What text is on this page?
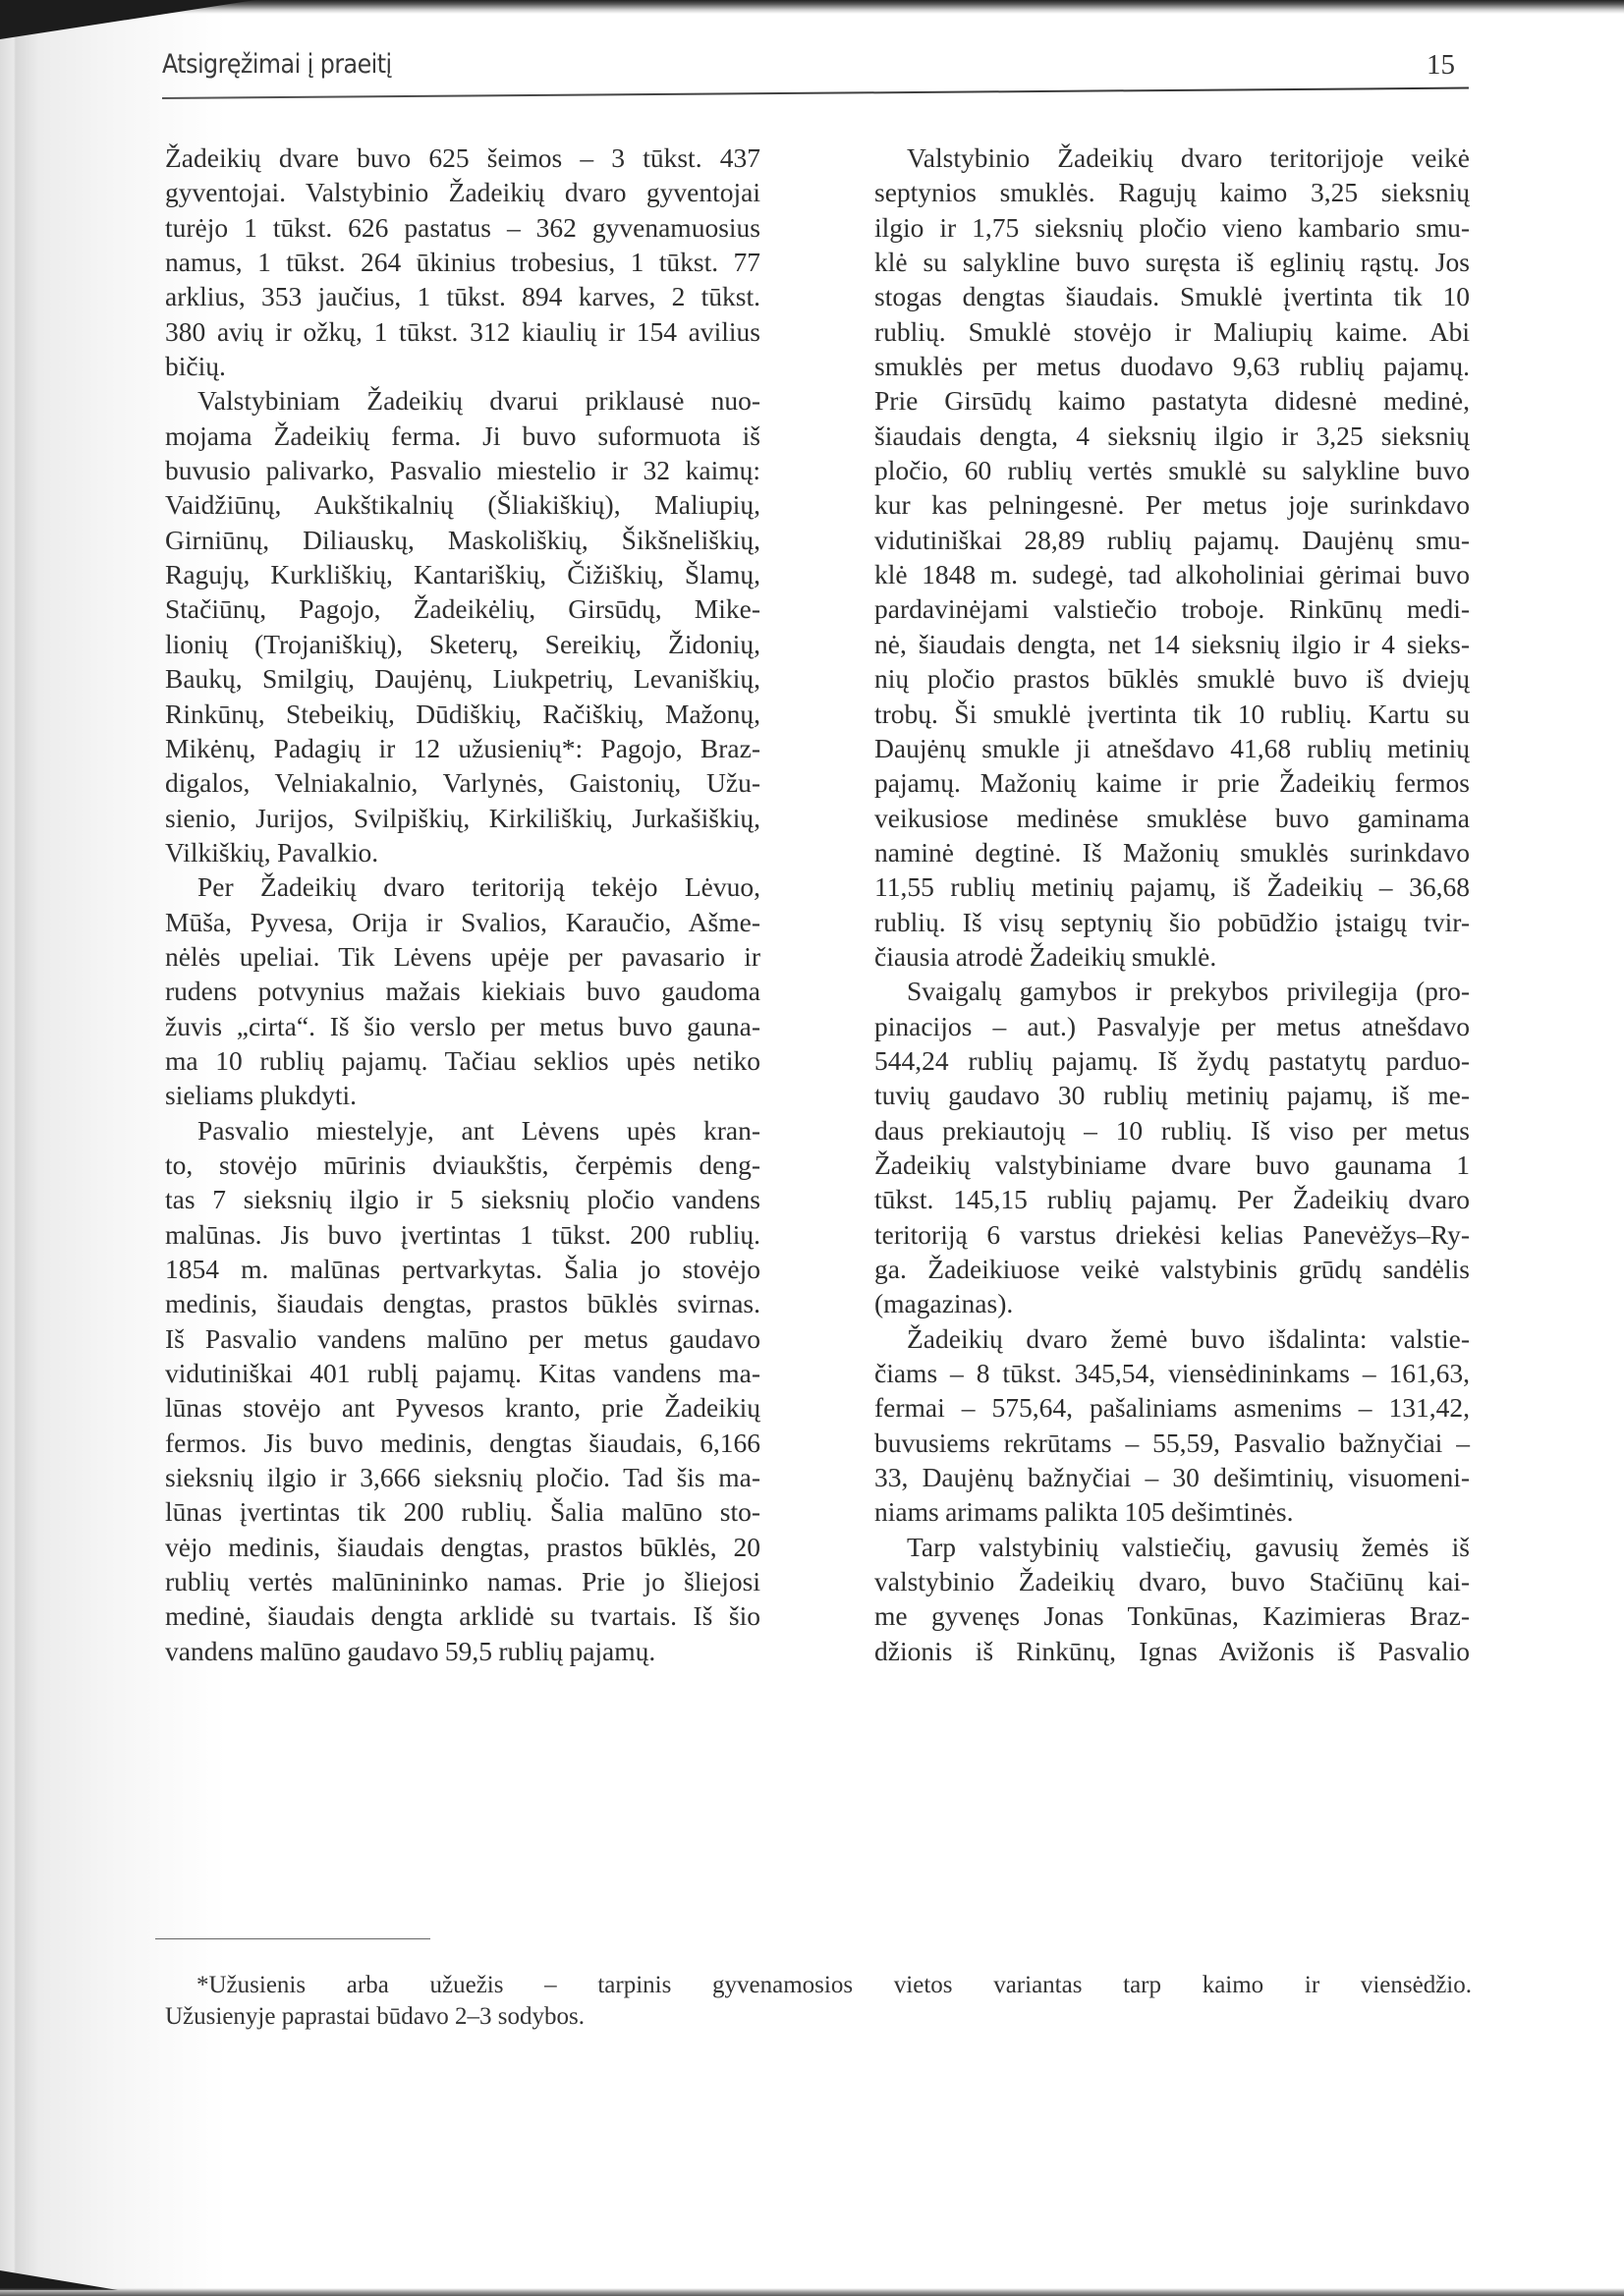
Atsigręžimai į praeitį	15
Žadeikių dvare buvo 625 šeimos – 3 tūkst. 437
gyventojai. Valstybinio Žadeikių dvaro gyventojai
turėjo 1 tūkst. 626 pastatus – 362 gyvenamuosius
namus, 1 tūkst. 264 ūkinius trobesius, 1 tūkst. 77
arklius, 353 jaučius, 1 tūkst. 894 karves, 2 tūkst.
380 avių ir ožkų, 1 tūkst. 312 kiaulių ir 154 avilius
bičių.
Valstybiniam Žadeikių dvarui priklausė nuo-
mojama Žadeikių ferma. Ji buvo suformuota iš
buvusio palivarko, Pasvalio miestelio ir 32 kaimų:
Vaidžiūnų, Aukštikalnių (Šliakiškių), Maliupių,
Girniūnų, Diliauskų, Maskoliškių, Šikšneliškių,
Ragujų, Kurkliškių, Kantariškių, Čižiškių, Šlamų,
Stačiūnų, Pagojo, Žadeikėlių, Girsūdų, Mike-
lionių (Trojaniškių), Sketerų, Sereikių, Židonių,
Baukų, Smilgių, Daujėnų, Liukpetrių, Levaniškių,
Rinkūnų, Stebeikių, Dūdiškių, Račiškių, Mažonų,
Mikėnų, Padagių ir 12 užusienių*: Pagojo, Braz-
digalos, Velniakalnio, Varlynės, Gaistonių, Užu-
sienio, Jurijos, Svilpiškių, Kirkiliškių, Jurkašiškių,
Vilkiškių, Pavalkio.
Per Žadeikių dvaro teritoriją tekėjo Lėvuo,
Mūša, Pyvesa, Orija ir Svalios, Karaučio, Ašme-
nėlės upeliai. Tik Lėvens upėje per pavasario ir
rudens potvynius mažais kiekiais buvo gaudoma
žuvis „cirta“. Iš šio verslo per metus buvo gauna-
ma 10 rublių pajamų. Tačiau seklios upės netiko
sieliams plukdyti.
Pasvalio miestelyje, ant Lėvens upės kran-
to, stovėjo mūrinis dviaukštis, čerpėmis deng-
tas 7 sieksnių ilgio ir 5 sieksnių pločio vandens
malūnas. Jis buvo įvertintas 1 tūkst. 200 rublių.
1854 m. malūnas pertvarkytas. Šalia jo stovėjo
medinis, šiaudais dengtas, prastos būklės svirnas.
Iš Pasvalio vandens malūno per metus gaudavo
vidutiniškai 401 rublį pajamų. Kitas vandens ma-
lūnas stovėjo ant Pyvesos kranto, prie Žadeikių
fermos. Jis buvo medinis, dengtas šiaudais, 6,166
sieksnių ilgio ir 3,666 sieksnių pločio. Tad šis ma-
lūnas įvertintas tik 200 rublių. Šalia malūno sto-
vėjo medinis, šiaudais dengtas, prastos būklės, 20
rublių vertės malūnininko namas. Prie jo šliejosi
medinė, šiaudais dengta arklidė su tvartais. Iš šio
vandens malūno gaudavo 59,5 rublių pajamų.
Valstybinio Žadeikių dvaro teritorijoje veikė
septynios smuklės. Ragujų kaimo 3,25 sieksnių
ilgio ir 1,75 sieksnių pločio vieno kambario smu-
klė su salykline buvo suręsta iš eglinių rąstų. Jos
stogas dengtas šiaudais. Smuklė įvertinta tik 10
rublių. Smuklė stovėjo ir Maliupių kaime. Abi
smuklės per metus duodavo 9,63 rublių pajamų.
Prie Girsūdų kaimo pastatyta didesnė medinė,
šiaudais dengta, 4 sieksnių ilgio ir 3,25 sieksnių
pločio, 60 rublių vertės smuklė su salykline buvo
kur kas pelningesnė. Per metus joje surinkdavo
vidutiniškai 28,89 rublių pajamų. Daujėnų smu-
klė 1848 m. sudegė, tad alkoholiniai gėrimai buvo
pardavinėjami valstiečio troboje. Rinkūnų medi-
nė, šiaudais dengta, net 14 sieksnių ilgio ir 4 sieks-
nių pločio prastos būklės smuklė buvo iš dviejų
trobų. Ši smuklė įvertinta tik 10 rublių. Kartu su
Daujėnų smukle ji atnešdavo 41,68 rublių metinių
pajamų. Mažonių kaime ir prie Žadeikių fermos
veikusiose medinėse smuklėse buvo gaminama
naminė degtinė. Iš Mažonių smuklės surinkdavo
11,55 rublių metinių pajamų, iš Žadeikių – 36,68
rublių. Iš visų septynių šio pobūdžio įstaigų tvir-
čiausia atrodė Žadeikių smuklė.
Svaigalų gamybos ir prekybos privilegija (pro-
pinacijos – aut.) Pasvalyje per metus atnešdavo
544,24 rublių pajamų. Iš žydų pastatytų parduo-
tuvių gaudavo 30 rublių metinių pajamų, iš me-
daus prekiautojų – 10 rublių. Iš viso per metus
Žadeikių valstybiniame dvare buvo gaunama 1
tūkst. 145,15 rublių pajamų. Per Žadeikių dvaro
teritoriją 6 varstus driekėsi kelias Panevėžys–Ry-
ga. Žadeikiuose veikė valstybinis grūdų sandėlis
(magazinas).
Žadeikių dvaro žemė buvo išdalinta: valstie-
čiams – 8 tūkst. 345,54, viensėdininkams – 161,63,
fermai – 575,64, pašaliniams asmenims – 131,42,
buvusiems rekrūtams – 55,59, Pasvalio bažnyčiai –
33, Daujėnų bažnyčiai – 30 dešimtinių, visuomeni-
niams arimams palikta 105 dešimtinės.
Tarp valstybinių valstiečių, gavusių žemės iš
valstybinio Žadeikių dvaro, buvo Stačiūnų kai-
me gyvenęs Jonas Tonkūnas, Kazimieras Braz-
džionis iš Rinkūnų, Ignas Avižonis iš Pasvalio
*Užusienis arba užuežis – tarpinis gyvenamosios vietos variantas tarp kaimo ir viensėdžio.
Užusienyje paprastai būdavo 2–3 sodybos.
